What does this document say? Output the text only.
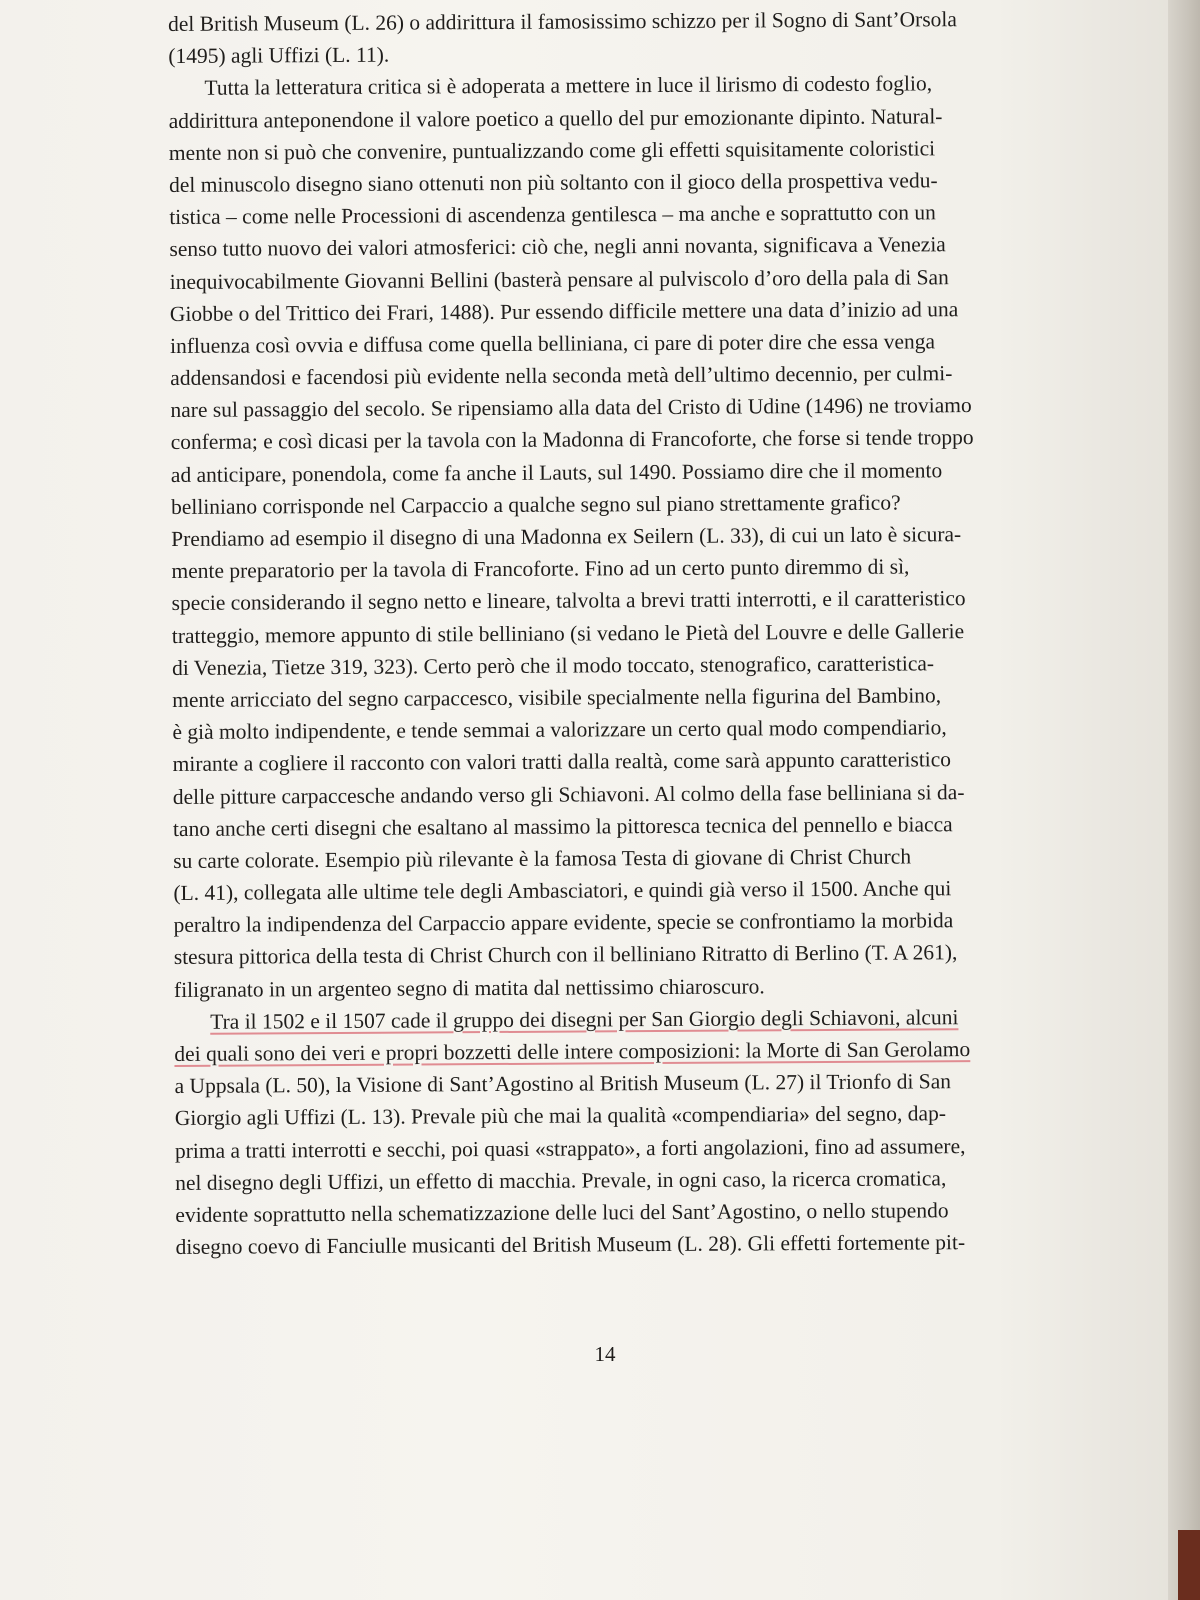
del British Museum (L. 26) o addirittura il famosissimo schizzo per il Sogno di Sant’Orsola
(1495) agli Uffizi (L. 11).
Tutta la letteratura critica si è adoperata a mettere in luce il lirismo di codesto foglio,
addirittura anteponendone il valore poetico a quello del pur emozionante dipinto. Natural-
mente non si può che convenire, puntualizzando come gli effetti squisitamente coloristici
del minuscolo disegno siano ottenuti non più soltanto con il gioco della prospettiva vedu-
tistica – come nelle Processioni di ascendenza gentilesca – ma anche e soprattutto con un
senso tutto nuovo dei valori atmosferici: ciò che, negli anni novanta, significava a Venezia
inequivocabilmente Giovanni Bellini (basterà pensare al pulviscolo d’oro della pala di San
Giobbe o del Trittico dei Frari, 1488). Pur essendo difficile mettere una data d’inizio ad una
influenza così ovvia e diffusa come quella belliniana, ci pare di poter dire che essa venga
addensandosi e facendosi più evidente nella seconda metà dell’ultimo decennio, per culmi-
nare sul passaggio del secolo. Se ripensiamo alla data del Cristo di Udine (1496) ne troviamo
conferma; e così dicasi per la tavola con la Madonna di Francoforte, che forse si tende troppo
ad anticipare, ponendola, come fa anche il Lauts, sul 1490. Possiamo dire che il momento
belliniano corrisponde nel Carpaccio a qualche segno sul piano strettamente grafico?
Prendiamo ad esempio il disegno di una Madonna ex Seilern (L. 33), di cui un lato è sicura-
mente preparatorio per la tavola di Francoforte. Fino ad un certo punto diremmo di sì,
specie considerando il segno netto e lineare, talvolta a brevi tratti interrotti, e il caratteristico
tratteggio, memore appunto di stile belliniano (si vedano le Pietà del Louvre e delle Gallerie
di Venezia, Tietze 319, 323). Certo però che il modo toccato, stenografico, caratteristica-
mente arricciato del segno carpaccesco, visibile specialmente nella figurina del Bambino,
è già molto indipendente, e tende semmai a valorizzare un certo qual modo compendiario,
mirante a cogliere il racconto con valori tratti dalla realtà, come sarà appunto caratteristico
delle pitture carpaccesche andando verso gli Schiavoni. Al colmo della fase belliniana si da-
tano anche certi disegni che esaltano al massimo la pittoresca tecnica del pennello e biacca
su carte colorate. Esempio più rilevante è la famosa Testa di giovane di Christ Church
(L. 41), collegata alle ultime tele degli Ambasciatori, e quindi già verso il 1500. Anche qui
peraltro la indipendenza del Carpaccio appare evidente, specie se confrontiamo la morbida
stesura pittorica della testa di Christ Church con il belliniano Ritratto di Berlino (T. A 261),
filigranato in un argenteo segno di matita dal nettissimo chiaroscuro.
Tra il 1502 e il 1507 cade il gruppo dei disegni per San Giorgio degli Schiavoni, alcuni
dei quali sono dei veri e propri bozzetti delle intere composizioni: la Morte di San Gerolamo
a Uppsala (L. 50), la Visione di Sant’Agostino al British Museum (L. 27) il Trionfo di San
Giorgio agli Uffizi (L. 13). Prevale più che mai la qualità «compendiaria» del segno, dap-
prima a tratti interrotti e secchi, poi quasi «strappato», a forti angolazioni, fino ad assumere,
nel disegno degli Uffizi, un effetto di macchia. Prevale, in ogni caso, la ricerca cromatica,
evidente soprattutto nella schematizzazione delle luci del Sant’Agostino, o nello stupendo
disegno coevo di Fanciulle musicanti del British Museum (L. 28). Gli effetti fortemente pit-
14
